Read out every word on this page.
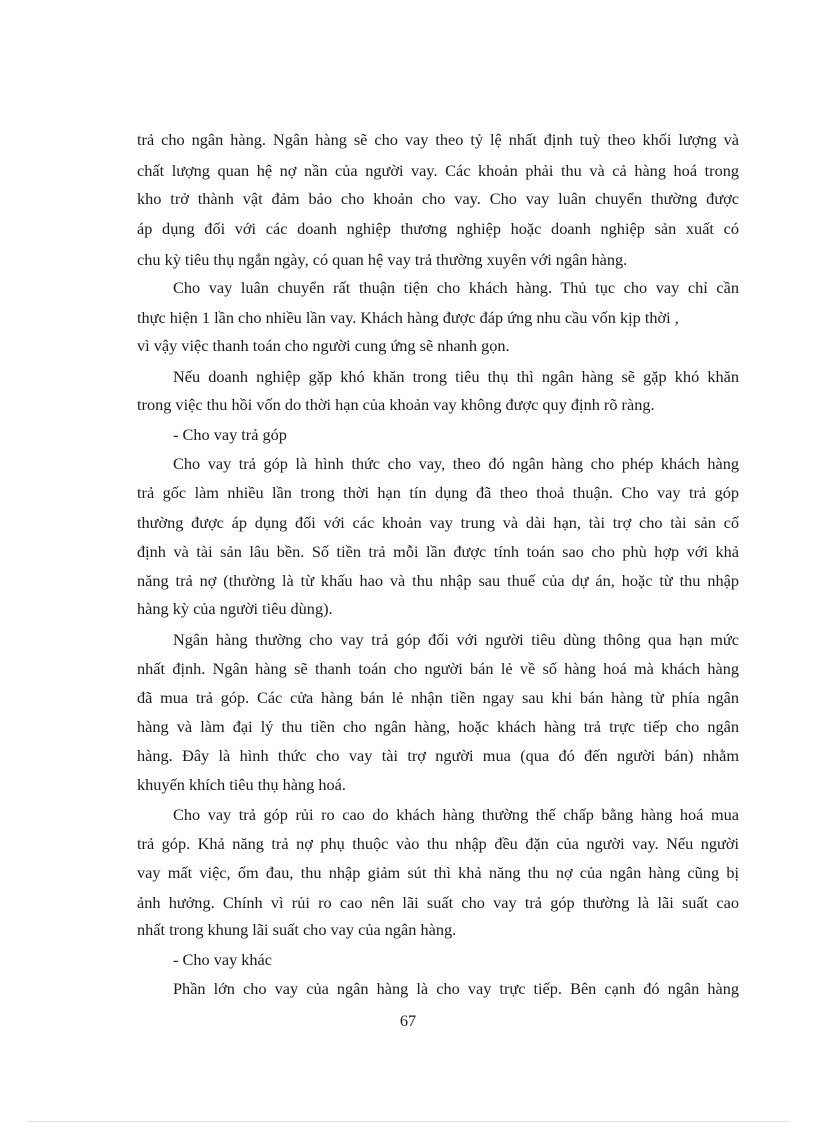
trả cho ngân hàng. Ngân hàng sẽ cho vay theo tỷ lệ nhất định tuỳ theo khối lượng và

chất lượng quan hệ nợ nần của người vay. Các khoản phải thu và cả hàng hoá trong

kho trở thành vật đảm bảo cho khoản cho vay. Cho vay luân chuyển thường được

áp dụng đối với các doanh nghiệp thương nghiệp hoặc doanh nghiệp sản xuất có

chu kỳ tiêu thụ ngắn ngày, có quan hệ vay trả thường xuyên với ngân hàng.

Cho vay luân chuyển rất thuận tiện cho khách hàng. Thủ tục cho vay chỉ cần

thực hiện 1 lần cho nhiều lần vay. Khách hàng được đáp ứng nhu cầu vốn kịp thời ,

vì vậy việc thanh toán cho người cung ứng sẽ nhanh gọn.

Nếu doanh nghiệp gặp khó khăn trong tiêu thụ thì ngân hàng sẽ gặp khó khăn

trong việc thu hồi vốn do thời hạn của khoản vay không được quy định rõ ràng.

- Cho vay trả góp

Cho vay trả góp là hình thức cho vay, theo đó ngân hàng cho phép khách hàng

trả gốc làm nhiều lần trong thời hạn tín dụng đã theo thoả thuận. Cho vay trả góp

thường được áp dụng đối với các khoản vay trung và dài hạn, tài trợ cho tài sản cố

định và tài sản lâu bền. Số tiền trả mỗi lần được tính toán sao cho phù hợp với khả

năng trả nợ (thường là từ khấu hao và thu nhập sau thuế của dự án, hoặc từ thu nhập

hàng kỳ của người tiêu dùng).

Ngân hàng thường cho vay trả góp đối với người tiêu dùng thông qua hạn mức

nhất định. Ngân hàng sẽ thanh toán cho người bán lẻ về số hàng hoá mà khách hàng

đã mua trả góp. Các cửa hàng bán lẻ nhận tiền ngay sau khi bán hàng từ phía ngân

hàng và làm đại lý thu tiền cho ngân hàng, hoặc khách hàng trả trực tiếp cho ngân

hàng. Đây là hình thức cho vay tài trợ người mua (qua đó đến người bán) nhằm

khuyến khích tiêu thụ hàng hoá.

Cho vay trả góp rủi ro cao do khách hàng thường thế chấp bằng hàng hoá mua

trả góp. Khả năng trả nợ phụ thuộc vào thu nhập đều đặn của người vay. Nếu người

vay mất việc, ốm đau, thu nhập giảm sút thì khả năng thu nợ của ngân hàng cũng bị

ảnh hưởng. Chính vì rủi ro cao nên lãi suất cho vay trả góp thường là lãi suất cao

nhất trong khung lãi suất cho vay của ngân hàng.

- Cho vay khác

Phần lớn cho vay của ngân hàng là cho vay trực tiếp. Bên cạnh đó ngân hàng

67
